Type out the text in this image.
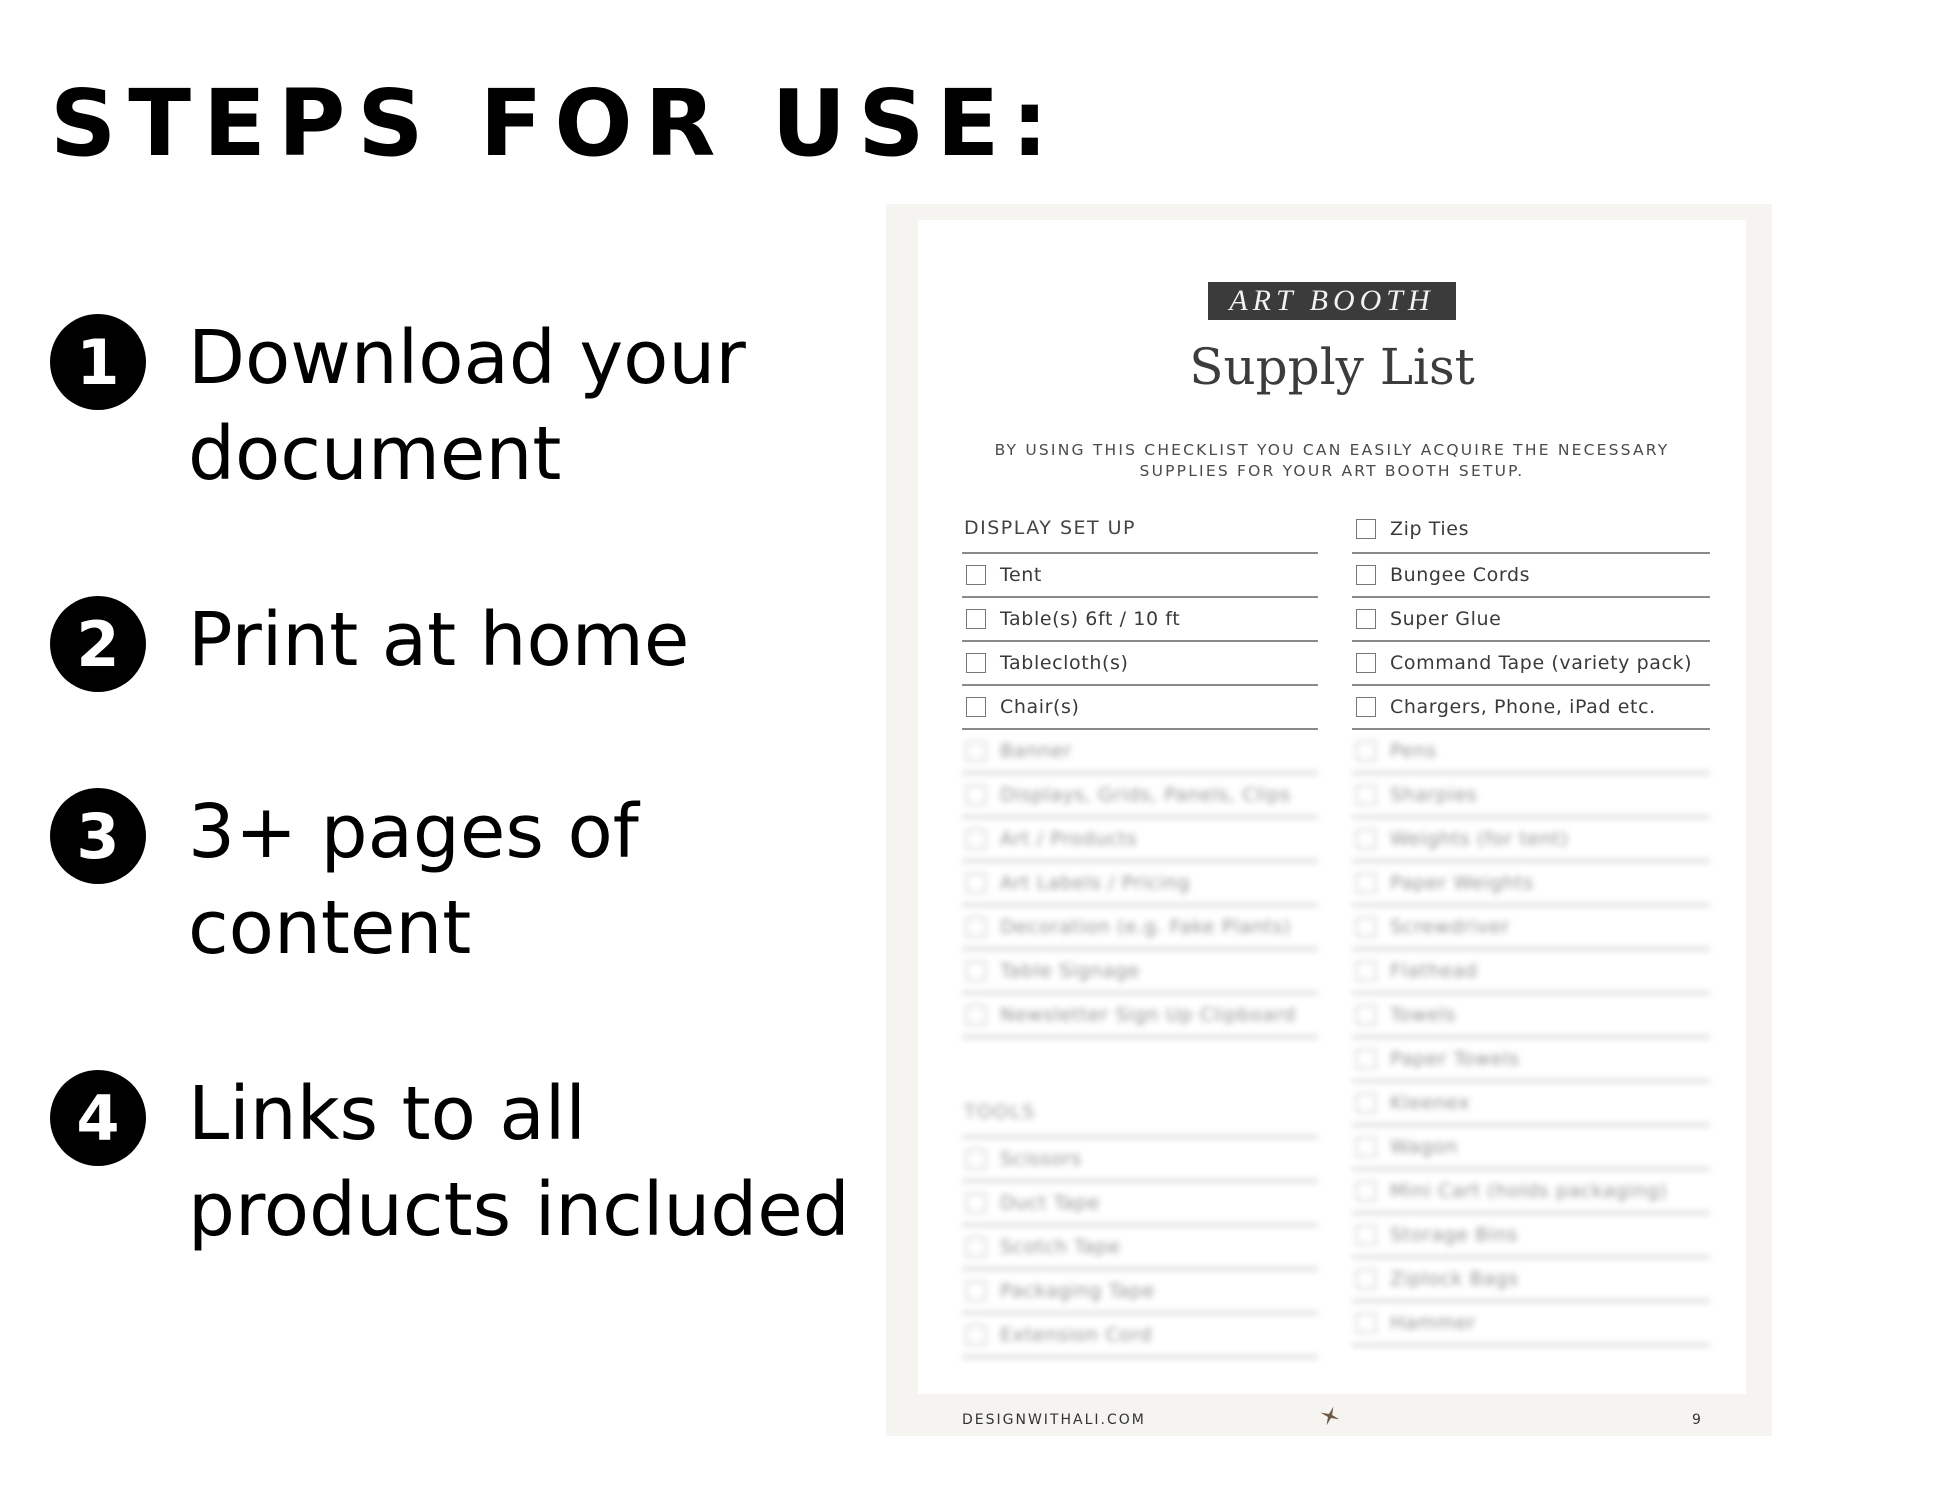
STEPS FOR USE:
1 Download your
document
2 Print at home
3 3+ pages of
content
4 Links to all
products included
ART BOOTH
Supply List
BY USING THIS CHECKLIST YOU CAN EASILY ACQUIRE THE NECESSARY SUPPLIES FOR YOUR ART BOOTH SETUP.
DISPLAY SET UP
Tent
Table(s) 6ft / 10 ft
Tablecloth(s)
Chair(s)
Banner
Displays, Grids, Panels, Clips
Art / Products
Art Labels / Pricing
Decoration (e.g. Fake Plants)
Table Signage
Newsletter Sign Up Clipboard
TOOLS
Scissors
Duct Tape
Scotch Tape
Packaging Tape
Extension Cord
Zip Ties
Bungee Cords
Super Glue
Command Tape (variety pack)
Chargers, Phone, iPad etc.
Pens
Sharpies
Weights (for tent)
Paper Weights
Screwdriver
Flathead
Towels
Paper Towels
Kleenex
Wagon
Mini Cart (holds packaging)
Storage Bins
Ziplock Bags
Hammer
DESIGNWITHALI.COM	9
